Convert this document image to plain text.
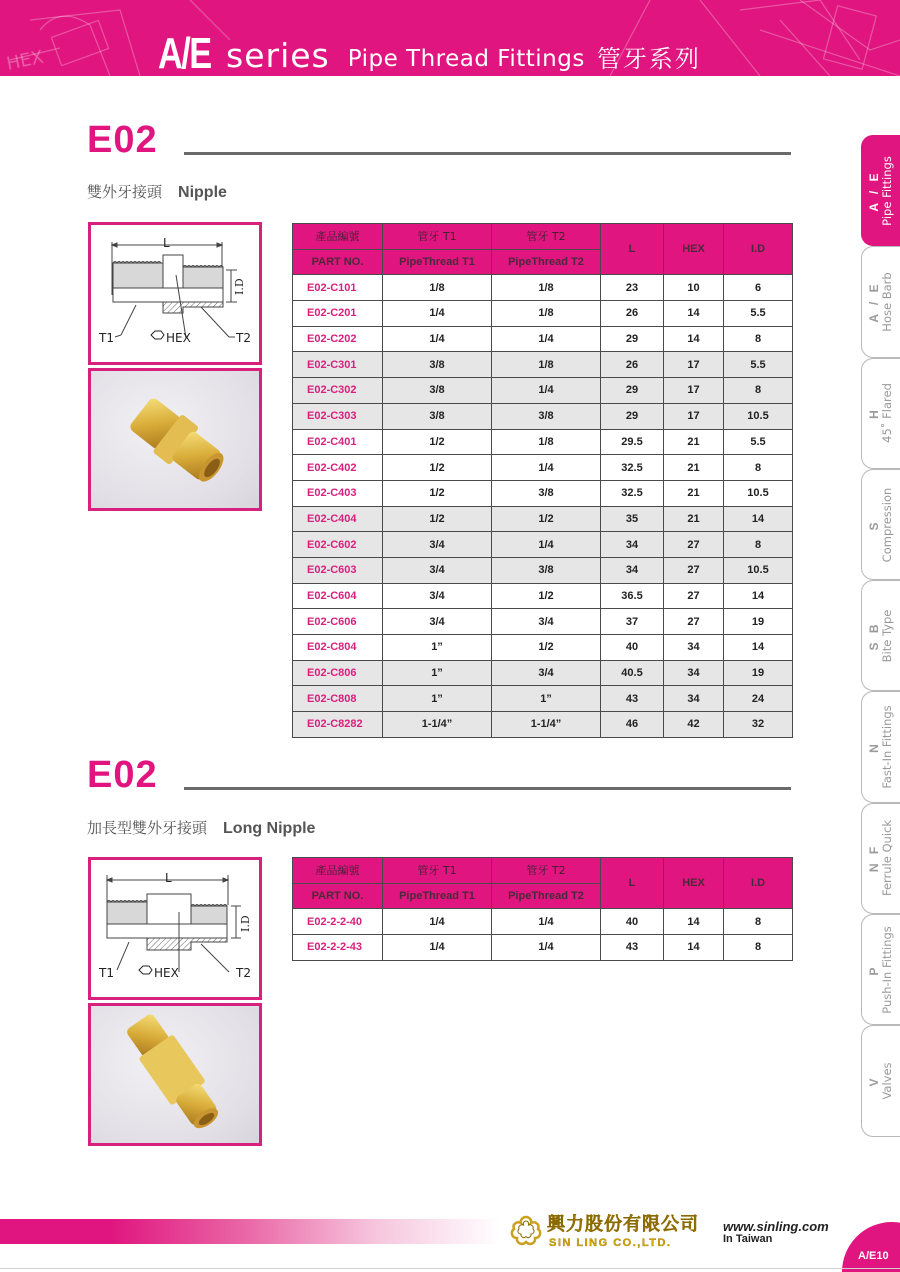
HEX	A/E series Pipe Thread Fittings 管牙系列
E02
雙外牙接頭 Nipple
L
I.D
T1	HEX	T2
產品編號	管牙 T1	管牙 T2	L	HEX	I.D
PART NO.	PipeThread T1	PipeThread T2			
E02-C101	1/8	1/8	23	10	6
E02-C201	1/4	1/8	26	14	5.5
E02-C202	1/4	1/4	29	14	8
E02-C301	3/8	1/8	26	17	5.5
E02-C302	3/8	1/4	29	17	8
E02-C303	3/8	3/8	29	17	10.5
E02-C401	1/2	1/8	29.5	21	5.5
E02-C402	1/2	1/4	32.5	21	8
E02-C403	1/2	3/8	32.5	21	10.5
E02-C404	1/2	1/2	35	21	14
E02-C602	3/4	1/4	34	27	8
E02-C603	3/4	3/8	34	27	10.5
E02-C604	3/4	1/2	36.5	27	14
E02-C606	3/4	3/4	37	27	19
E02-C804	1”	1/2	40	34	14
E02-C806	1”	3/4	40.5	34	19
E02-C808	1”	1”	43	34	24
E02-C8282	1-1/4”	1-1/4”	46	42	32
E02
加長型雙外牙接頭 Long Nipple
L
I.D
T1	HEX	T2
產品編號	管牙 T1	管牙 T2	L	HEX	I.D
PART NO.	PipeThread T1	PipeThread T2			
E02-2-2-40	1/4	1/4	40	14	8
E02-2-2-43	1/4	1/4	43	14	8
A / E Pipe Fittings
A / E Hose Barb
H 45˚ Flared
S Compression
S B Bite Type
N Fast-In Fittings
N F Ferrule Quick
P Push-In Fittings
V Valves
興力股份有限公司
SIN LING CO.,LTD.
www.sinling.com
In Taiwan
A/E10
